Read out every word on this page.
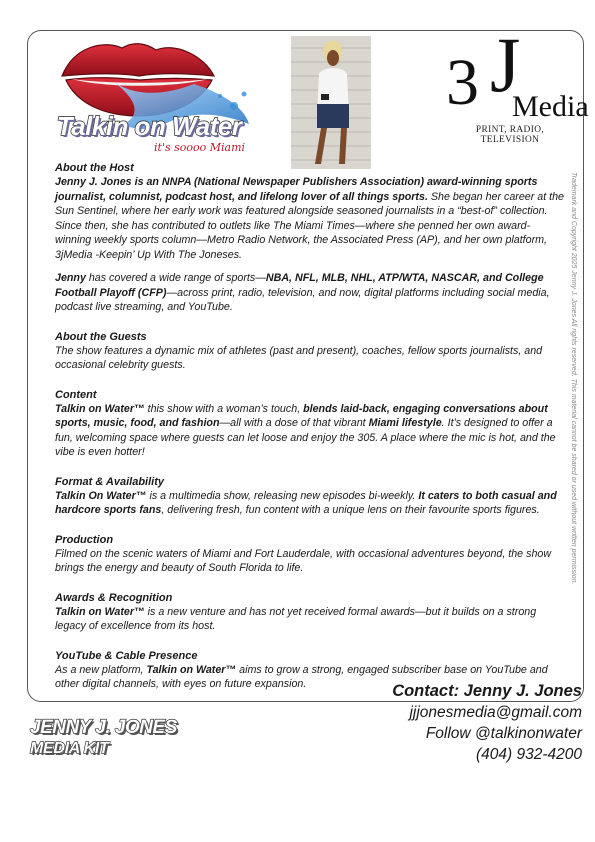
Talkin on Water
it's soooo Miami
3 J
Media
PRINT, RADIO, TELEVISION
About the Host
Jenny J. Jones is an NNPA (National Newspaper Publishers Association) award-winning sports journalist, columnist, podcast host, and lifelong lover of all things sports. She began her career at the Sun Sentinel, where her early work was featured alongside seasoned journalists in a “best-of” collection. Since then, she has contributed to outlets like The Miami Times—where she penned her own award-winning weekly sports column—Metro Radio Network, the Associated Press (AP), and her own platform, 3jMedia -Keepin’ Up With The Joneses.
Jenny has covered a wide range of sports—NBA, NFL, MLB, NHL, ATP/WTA, NASCAR, and College Football Playoff (CFP)—across print, radio, television, and now, digital platforms including social media, podcast live streaming, and YouTube.
About the Guests
The show features a dynamic mix of athletes (past and present), coaches, fellow sports journalists, and occasional celebrity guests.
Content
Talkin on Water™ this show with a woman’s touch, blends laid-back, engaging conversations about sports, music, food, and fashion—all with a dose of that vibrant Miami lifestyle. It’s designed to offer a fun, welcoming space where guests can let loose and enjoy the 305. A place where the mic is hot, and the vibe is even hotter!
Format & Availability
Talkin On Water™ is a multimedia show, releasing new episodes bi-weekly. It caters to both casual and hardcore sports fans, delivering fresh, fun content with a unique lens on their favourite sports figures.
Production
Filmed on the scenic waters of Miami and Fort Lauderdale, with occasional adventures beyond, the show brings the energy and beauty of South Florida to life.
Awards & Recognition
Talkin on Water™ is a new venture and has not yet received formal awards—but it builds on a strong legacy of excellence from its host.
YouTube & Cable Presence
As a new platform, Talkin on Water™ aims to grow a strong, engaged subscriber base on YouTube and other digital channels, with eyes on future expansion.
Trademark and Copyright 2025 Jenny J. Jones All rights reserved. This material cannot be shared or used without written permission.
JENNY J. JONES
MEDIA KIT
Contact: Jenny J. Jones
jjjonesmedia@gmail.com
Follow @talkinonwater
(404) 932-4200
